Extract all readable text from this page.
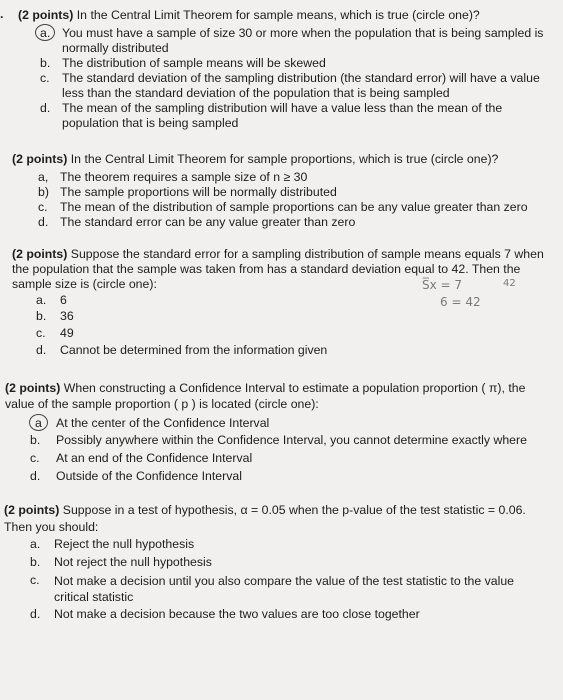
. (2 points) In the Central Limit Theorem for sample means, which is true (circle one)?
a. You must have a sample of size 30 or more when the population that is being sampled is
normally distributed
b. The distribution of sample means will be skewed
c. The standard deviation of the sampling distribution (the standard error) will have a value
less than the standard deviation of the population that is being sampled
d. The mean of the sampling distribution will have a value less than the mean of the
population that is being sampled
(2 points) In the Central Limit Theorem for sample proportions, which is true (circle one)?
a, The theorem requires a sample size of n ≥ 30
b) The sample proportions will be normally distributed
c. The mean of the distribution of sample proportions can be any value greater than zero
d. The standard error can be any value greater than zero
(2 points) Suppose the standard error for a sampling distribution of sample means equals 7 when
the population that the sample was taken from has a standard deviation equal to 42. Then the
sample size is (circle one):	S̅x = 7	42
a. 6	6 = 42
b. 36
c. 49
d. Cannot be determined from the information given
(2 points) When constructing a Confidence Interval to estimate a population proportion ( π), the
value of the sample proportion ( p ) is located (circle one):
a At the center of the Confidence Interval
b. Possibly anywhere within the Confidence Interval, you cannot determine exactly where
c. At an end of the Confidence Interval
d. Outside of the Confidence Interval
(2 points) Suppose in a test of hypothesis, α = 0.05 when the p-value of the test statistic = 0.06.
Then you should:
a. Reject the null hypothesis
b. Not reject the null hypothesis
c. Not make a decision until you also compare the value of the test statistic to the value
critical statistic
d. Not make a decision because the two values are too close together
